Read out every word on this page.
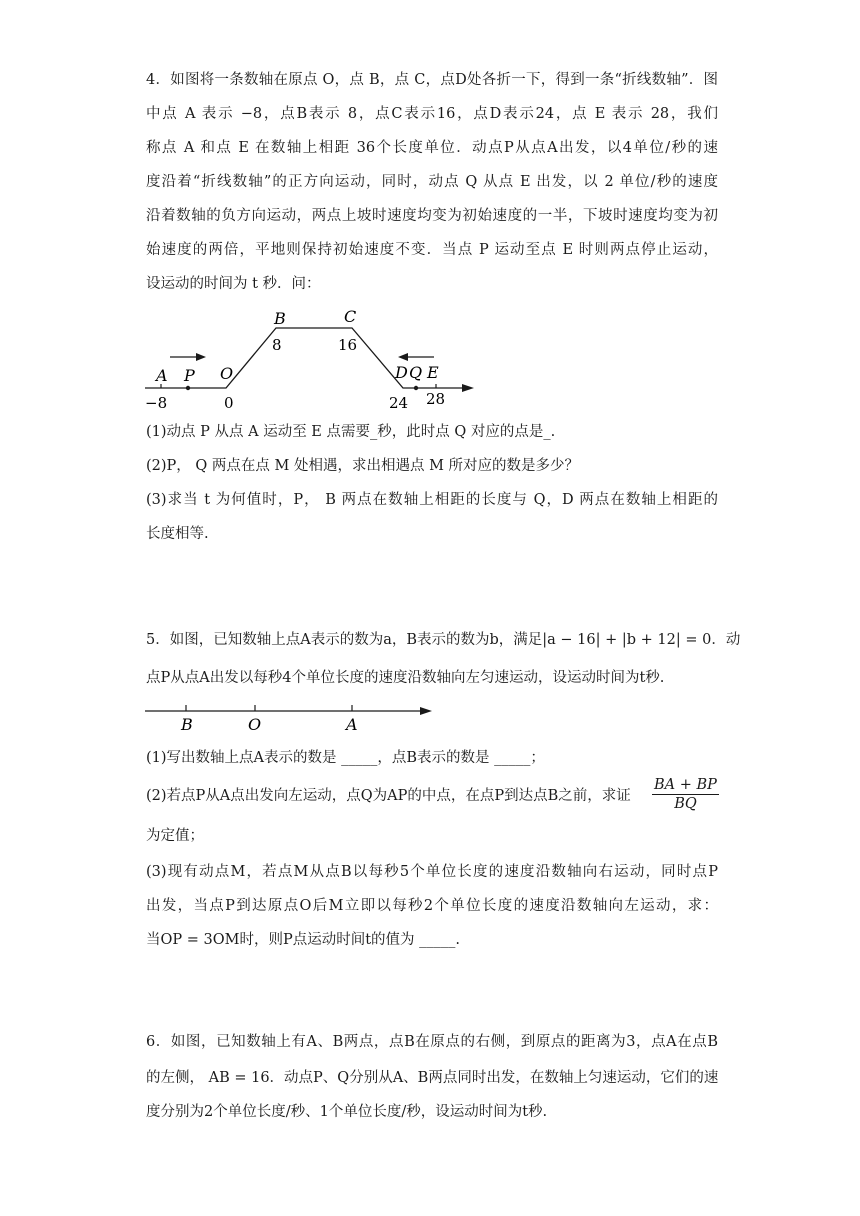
4．如图将一条数轴在原点 O，点 B，点 C，点D处各折一下，得到一条“折线数轴”．图
中点 A 表示 −8，点B表示 8，点C表示16，点D表示24，点 E 表示 28，我们
称点 A 和点 E 在数轴上相距 36个长度单位．动点P从点A出发，以4单位/秒的速
度沿着“折线数轴”的正方向运动，同时，动点 Q 从点 E 出发，以 2 单位/秒的速度
沿着数轴的负方向运动，两点上坡时速度均变为初始速度的一半，下坡时速度均变为初
始速度的两倍，平地则保持初始速度不变．当点 P 运动至点 E 时则两点停止运动，
设运动的时间为 t 秒．问：
A P O
B	C
D Q E
−8	0
8	16
24 28
(1)动点 P 从点 A 运动至 E 点需要_秒，此时点 Q 对应的点是_.
(2)P， Q 两点在点 M 处相遇，求出相遇点 M 所对应的数是多少？
(3)求当 t 为何值时，P， B 两点在数轴上相距的长度与 Q，D 两点在数轴上相距的
长度相等.
5．如图，已知数轴上点A表示的数为a，B表示的数为b，满足|a − 16| + |b + 12| = 0．动
点P从点A出发以每秒4个单位长度的速度沿数轴向左匀速运动，设运动时间为t秒.
B	O	A
(1)写出数轴上点A表示的数是 _____，点B表示的数是 _____；
(2)若点P从A点出发向左运动，点Q为AP的中点，在点P到达点B之前，求证	$\frac{BA + BP}{BQ}$
为定值；
(3)现有动点M，若点M从点B以每秒5个单位长度的速度沿数轴向右运动，同时点P
出发，当点P到达原点O后M立即以每秒2个单位长度的速度沿数轴向左运动，求：
当OP = 3OM时，则P点运动时间t的值为 _____.
6．如图，已知数轴上有A、B两点，点B在原点的右侧，到原点的距离为3，点A在点B
的左侧， AB = 16．动点P、Q分别从A、B两点同时出发，在数轴上匀速运动，它们的速
度分别为2个单位长度/秒、1个单位长度/秒，设运动时间为t秒.
